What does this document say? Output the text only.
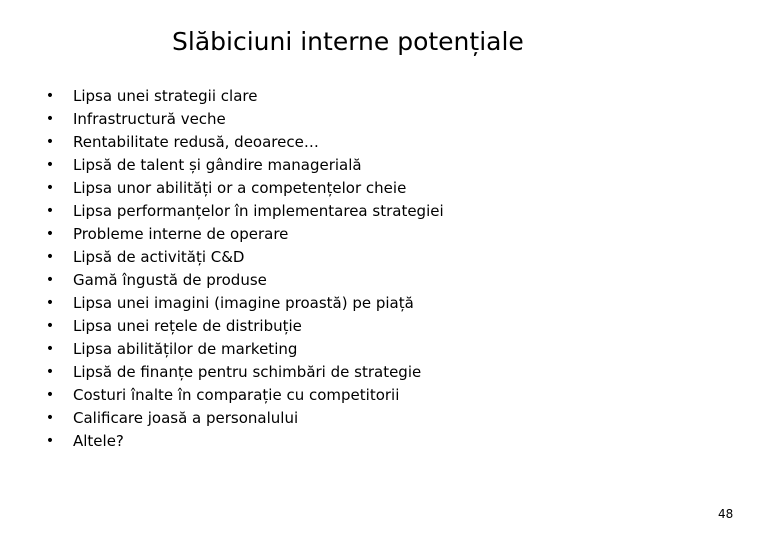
Slăbiciuni interne potențiale
• Lipsa unei strategii clare
• Infrastructură veche
• Rentabilitate redusă, deoarece…
• Lipsă de talent și gândire managerială
• Lipsa unor abilități or a competențelor cheie
• Lipsa performanțelor în implementarea strategiei
• Probleme interne de operare
• Lipsă de activități C&D
• Gamă îngustă de produse
• Lipsa unei imagini (imagine proastă) pe piață
• Lipsa unei rețele de distribuție
• Lipsa abilităților de marketing
• Lipsă de finanțe pentru schimbări de strategie
• Costuri înalte în comparație cu competitorii
• Calificare joasă a personalului
• Altele?
48
